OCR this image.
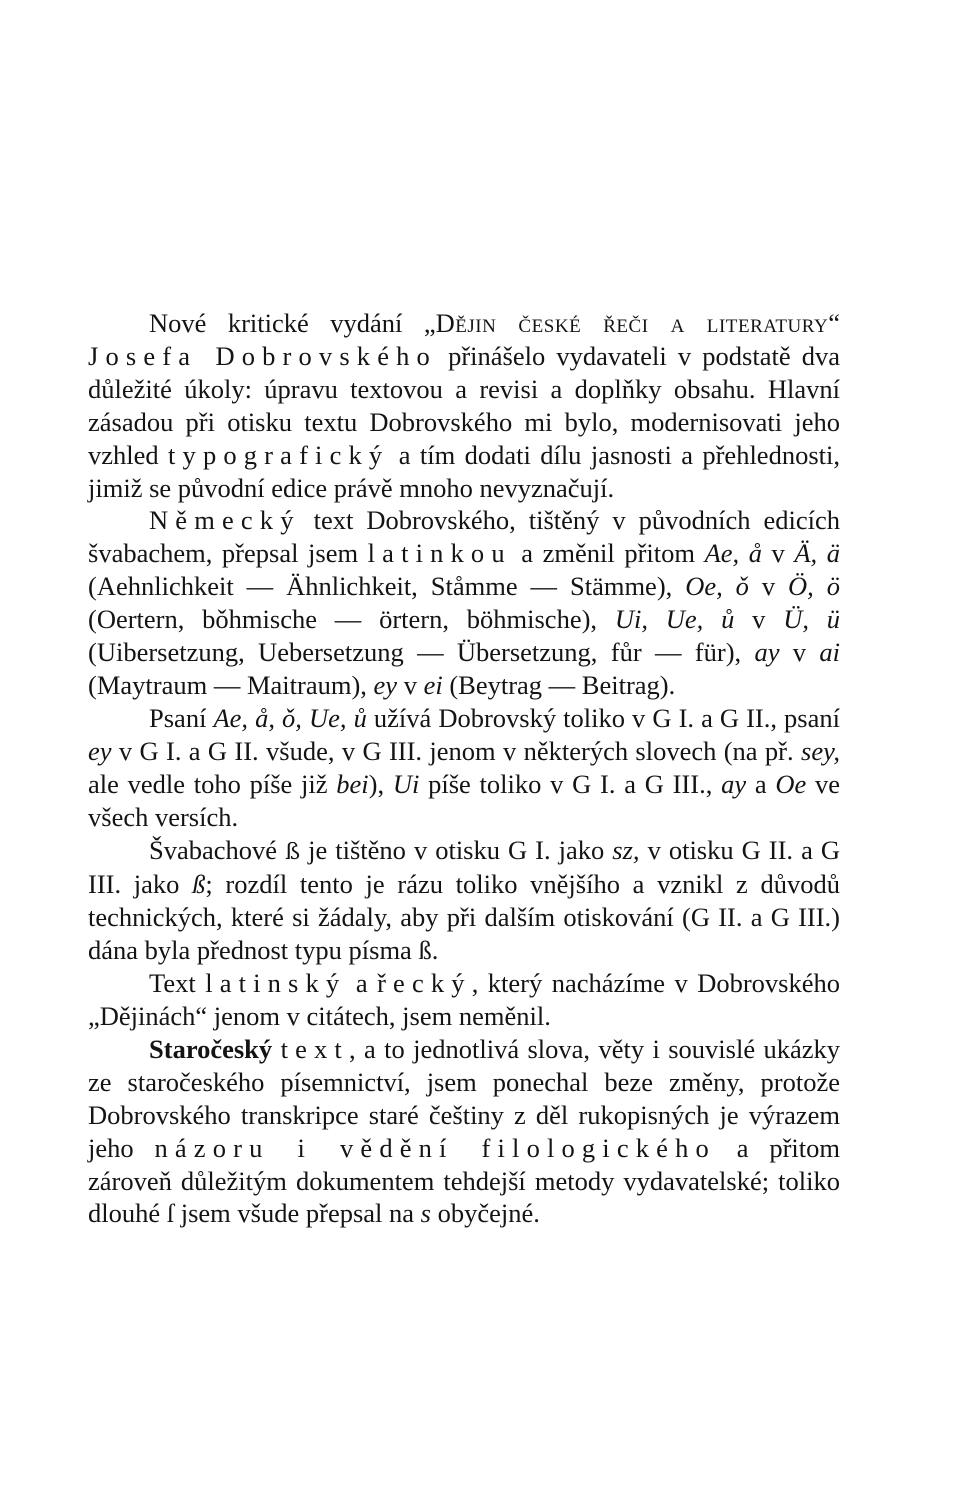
Nové kritické vydání „Dějin české řeči a literatury“ Josefa Dobrovského přinášelo vydavateli v podstatě dva důležité úkoly: úpravu textovou a revisi a doplňky obsahu. Hlavní zásadou při otisku textu Dobrovského mi bylo, modernisovati jeho vzhled typografický a tím dodati dílu jasnosti a přehlednosti, jimiž se původní edice právě mnoho nevyznačují.

Německý text Dobrovského, tištěný v původních edicích švabachem, přepsal jsem latinkou a změnil přitom Ae, å v Ä, ä (Aehnlichkeit — Ähnlichkeit, Ståmme — Stämme), Oe, ǒ v Ö, ö (Oertern, bǒhmische — örtern, böhmische), Ui, Ue, ů v Ü, ü (Uibersetzung, Uebersetzung — Übersetzung, fůr — für), ay v ai (Maytraum — Maitraum), ey v ei (Beytrag — Beitrag).

Psaní Ae, å, ǒ, Ue, ů užívá Dobrovský toliko v G I. a G II., psaní ey v G I. a G II. všude, v G III. jenom v některých slovech (na př. sey, ale vedle toho píše již bei), Ui píše toliko v G I. a G III., ay a Oe ve všech versích.

Švabachové ß je tištěno v otisku G I. jako sz, v otisku G II. a G III. jako ß; rozdíl tento je rázu toliko vnějšího a vznikl z důvodů technických, které si žádaly, aby při dalším otiskování (G II. a G III.) dána byla přednost typu písma ß.

Text latinský a řecký, který nacházíme v Dobrovského „Dějinách“ jenom v citátech, jsem neměnil.

Staročeský text, a to jednotlivá slova, věty i souvislé ukázky ze staročeského písemnictví, jsem ponechal beze změny, protože Dobrovského transkripce staré češtiny z děl rukopisných je výrazem jeho názoru i vědění filologického a přitom zároveň důležitým dokumentem tehdejší metody vydavatelské; toliko dlouhé ſ jsem všude přepsal na s obyčejné.
